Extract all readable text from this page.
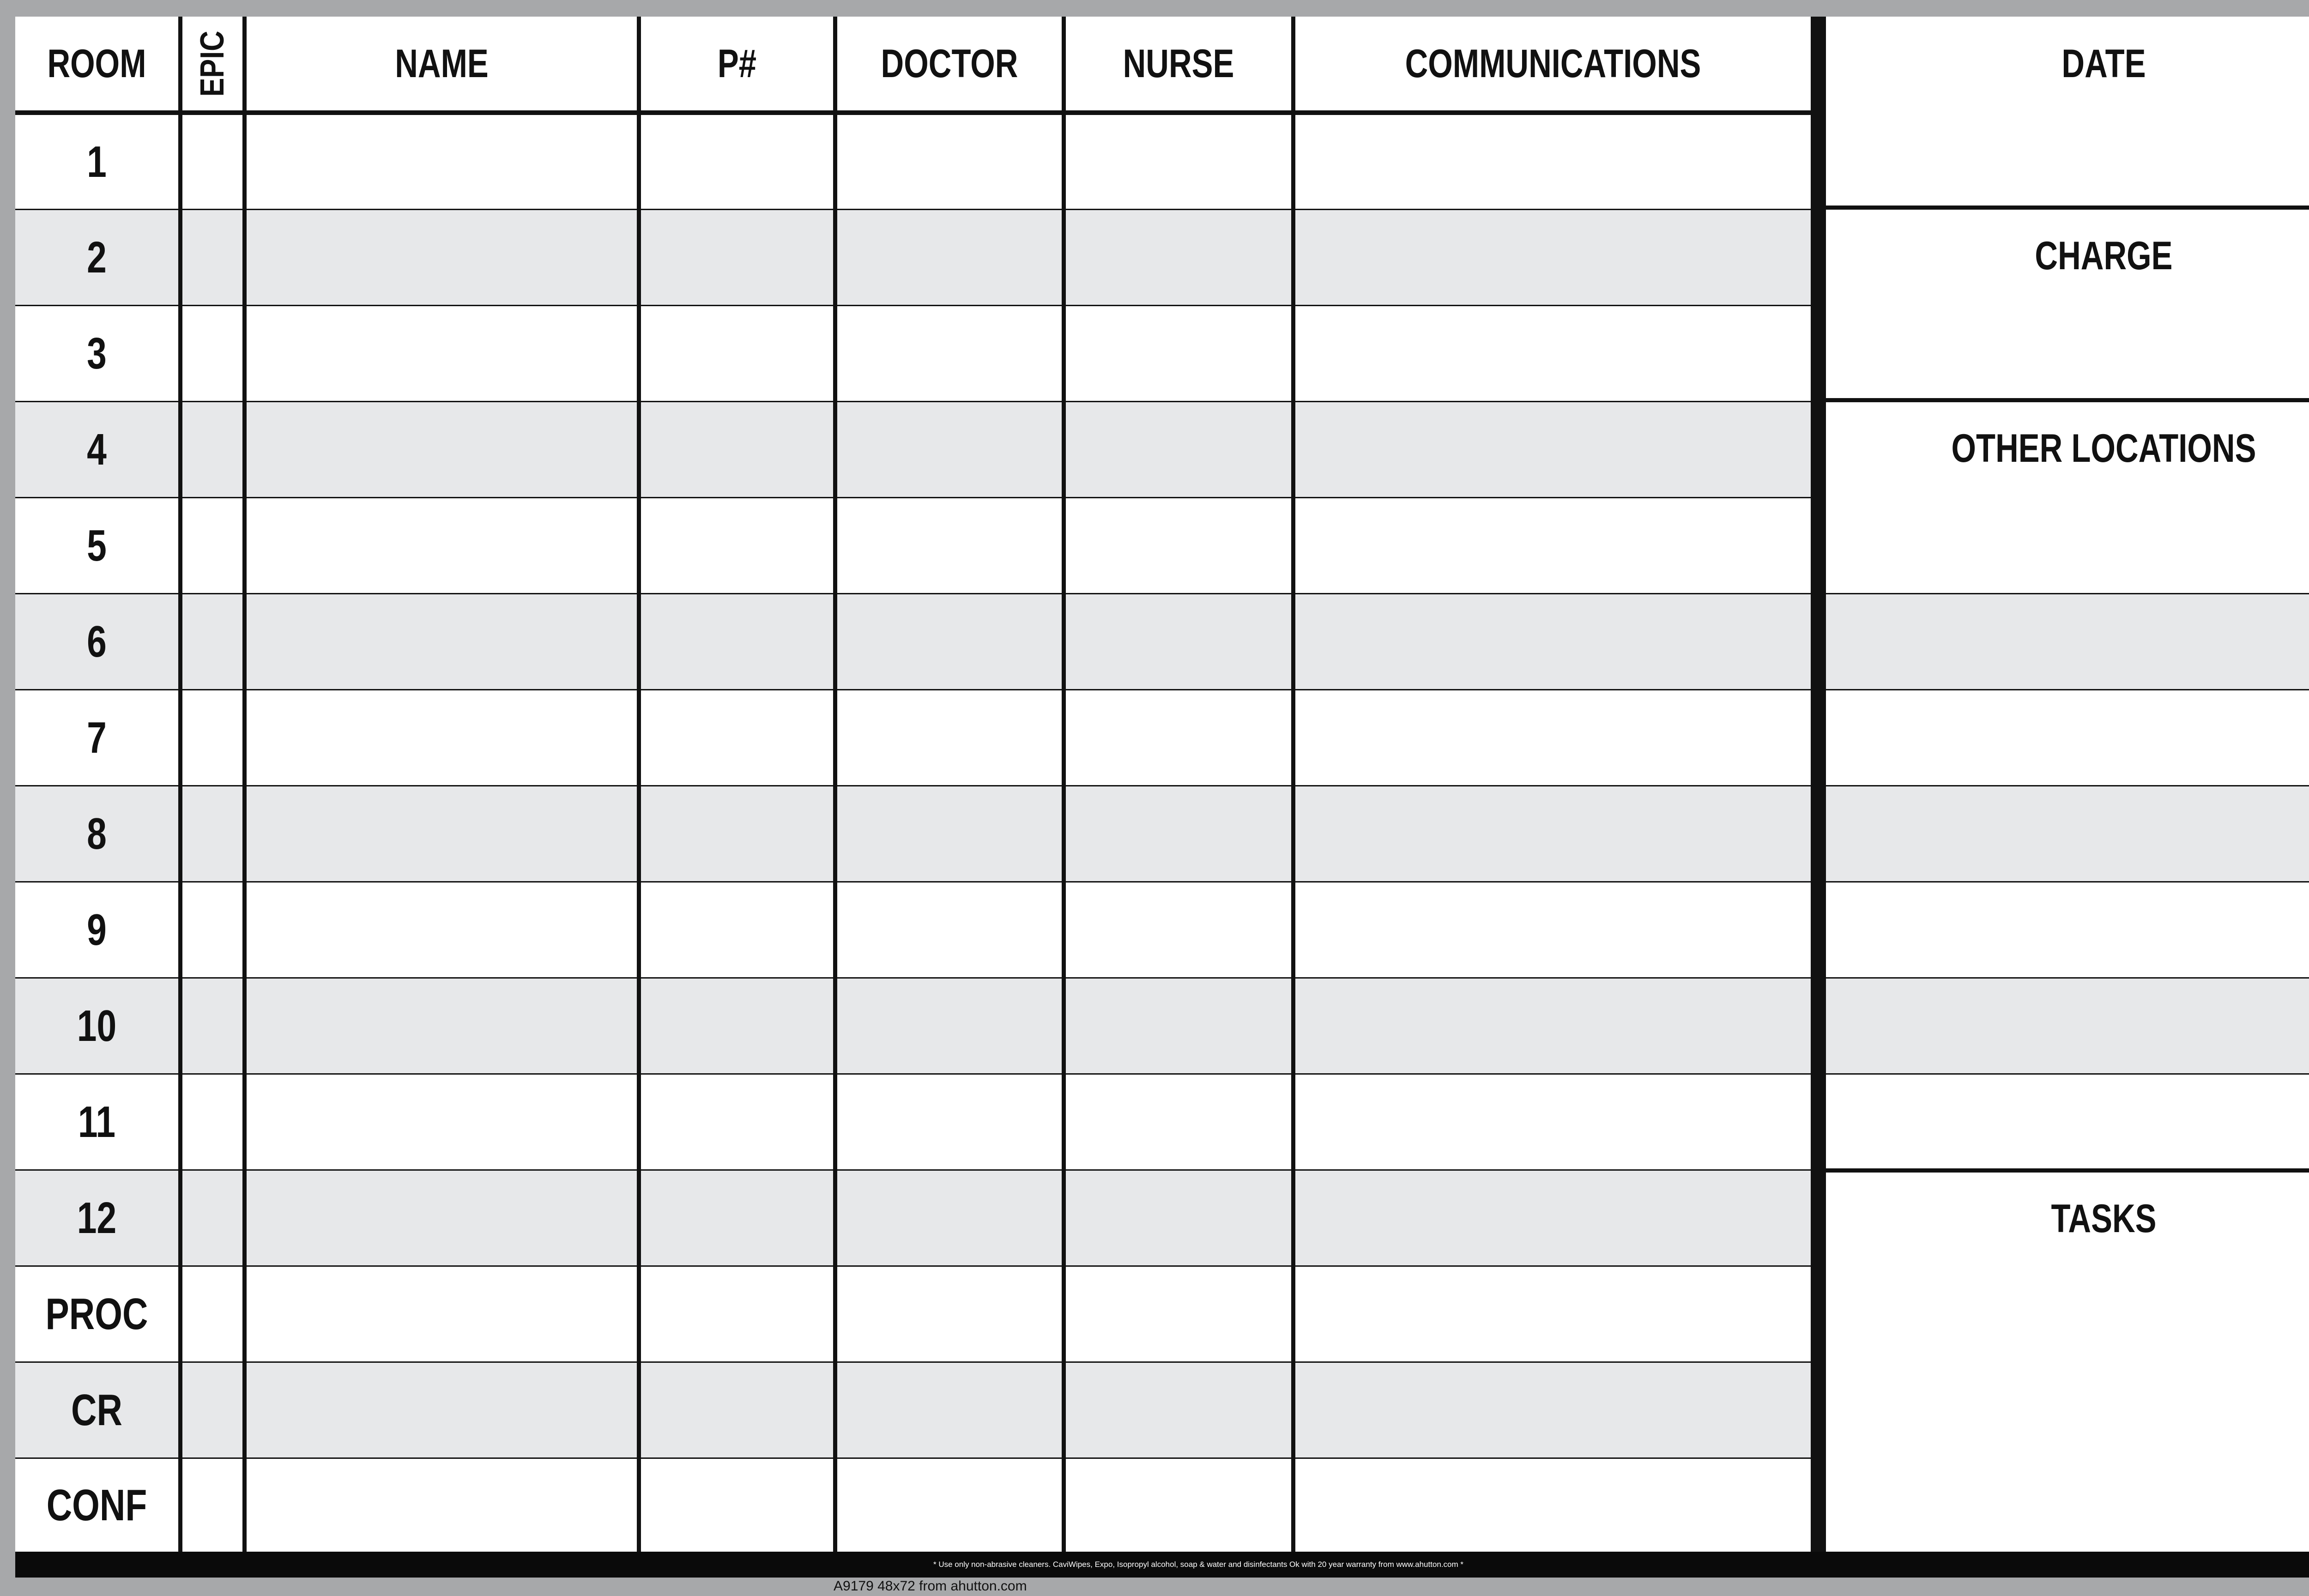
ROOM	EPIC	NAME	P#	DOCTOR	NURSE	COMMUNICATIONS
1
2
3
4
5
6
7
8
9
10
11
12
PROC
CR
CONF
DATE
CHARGE
OTHER LOCATIONS
TASKS
* Use only non-abrasive cleaners. CaviWipes, Expo, Isopropyl alcohol, soap & water and disinfectants Ok with 20 year warranty from www.ahutton.com *
A9179 48x72 from ahutton.com
